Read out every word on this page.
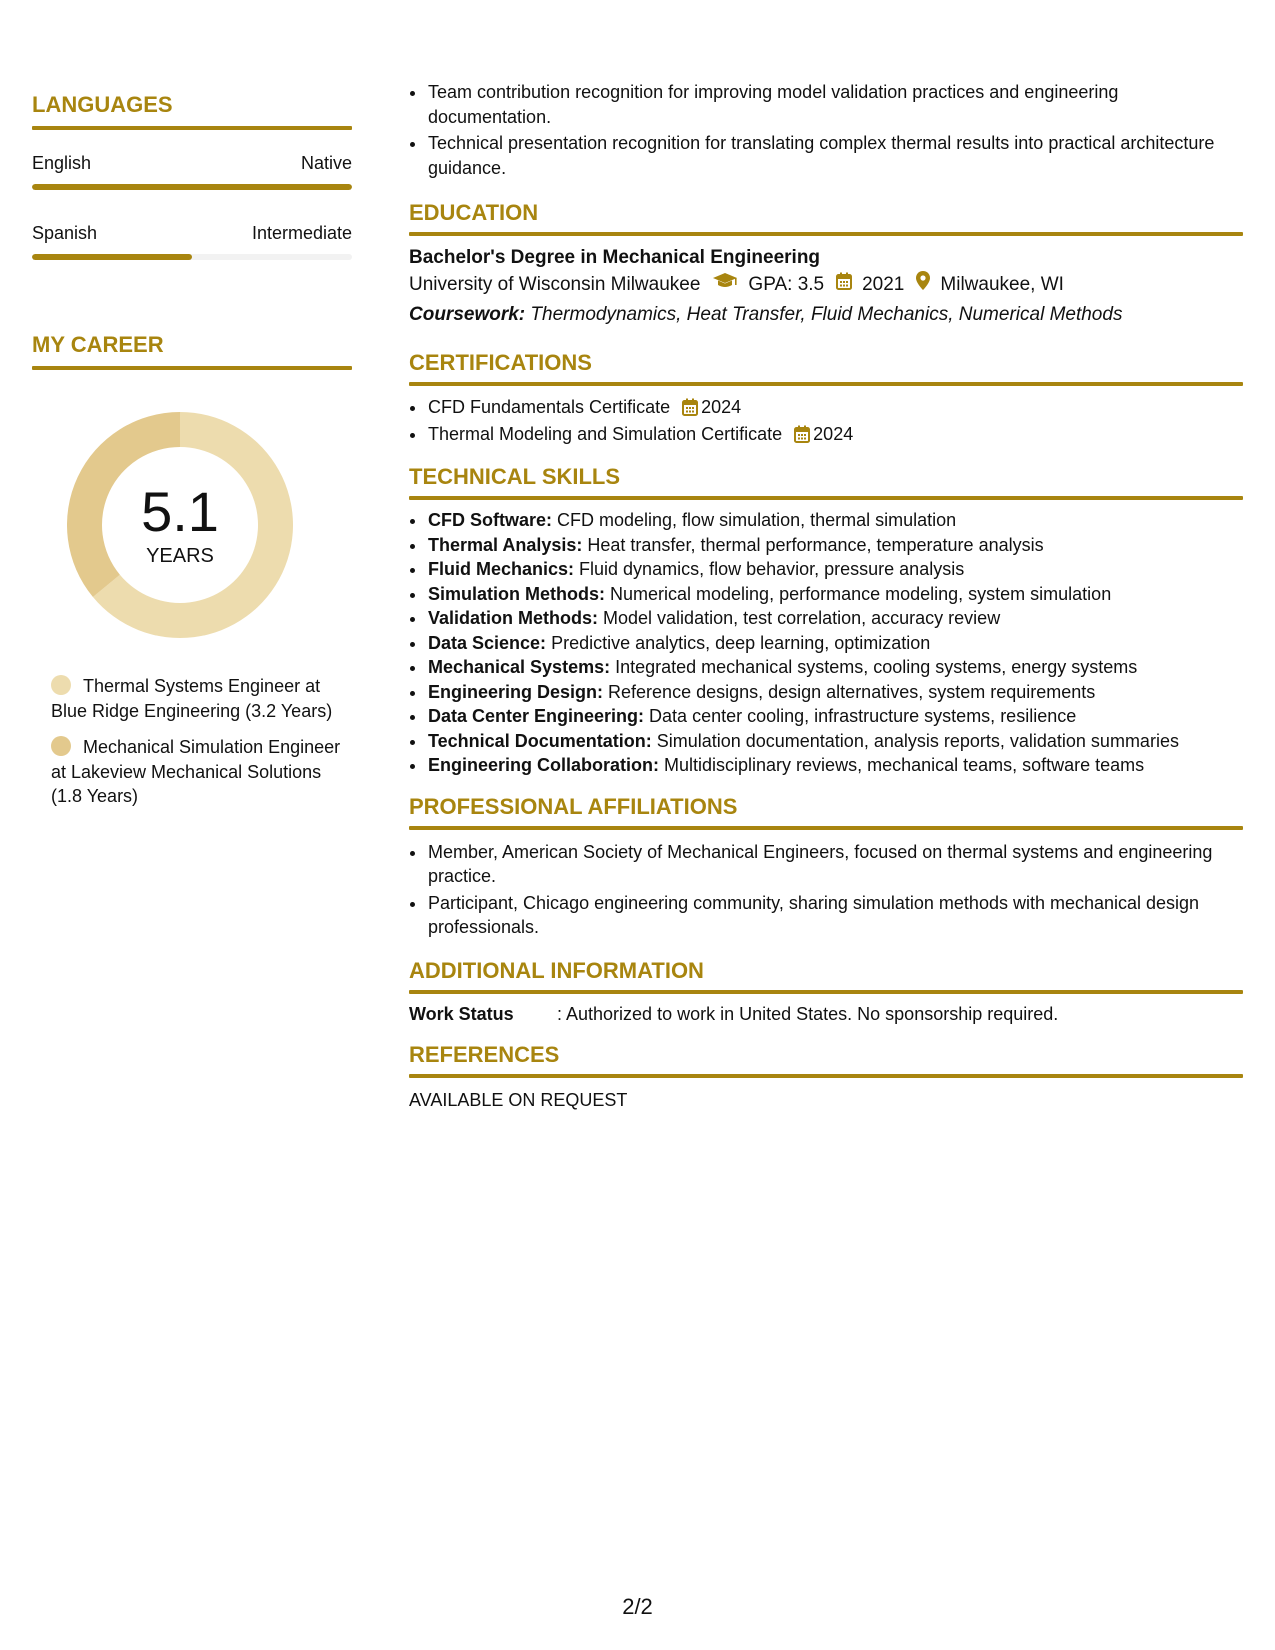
LANGUAGES
English	Native
Spanish	Intermediate
MY CAREER
5.1
YEARS
Thermal Systems Engineer at Blue Ridge Engineering (3.2 Years)
Mechanical Simulation Engineer at Lakeview Mechanical Solutions (1.8 Years)
• Team contribution recognition for improving model validation practices and engineering documentation.
• Technical presentation recognition for translating complex thermal results into practical architecture guidance.
EDUCATION
Bachelor's Degree in Mechanical Engineering
University of Wisconsin Milwaukee	GPA: 3.5 2021 Milwaukee, WI
Coursework: Thermodynamics, Heat Transfer, Fluid Mechanics, Numerical Methods
CERTIFICATIONS
• CFD Fundamentals Certificate 2024
• Thermal Modeling and Simulation Certificate 2024
TECHNICAL SKILLS
• CFD Software: CFD modeling, flow simulation, thermal simulation
• Thermal Analysis: Heat transfer, thermal performance, temperature analysis
• Fluid Mechanics: Fluid dynamics, flow behavior, pressure analysis
• Simulation Methods: Numerical modeling, performance modeling, system simulation
• Validation Methods: Model validation, test correlation, accuracy review
• Data Science: Predictive analytics, deep learning, optimization
• Mechanical Systems: Integrated mechanical systems, cooling systems, energy systems
• Engineering Design: Reference designs, design alternatives, system requirements
• Data Center Engineering: Data center cooling, infrastructure systems, resilience
• Technical Documentation: Simulation documentation, analysis reports, validation summaries
• Engineering Collaboration: Multidisciplinary reviews, mechanical teams, software teams
PROFESSIONAL AFFILIATIONS
• Member, American Society of Mechanical Engineers, focused on thermal systems and engineering practice.
• Participant, Chicago engineering community, sharing simulation methods with mechanical design professionals.
ADDITIONAL INFORMATION
Work Status	: Authorized to work in United States. No sponsorship required.
REFERENCES
AVAILABLE ON REQUEST
2/2
